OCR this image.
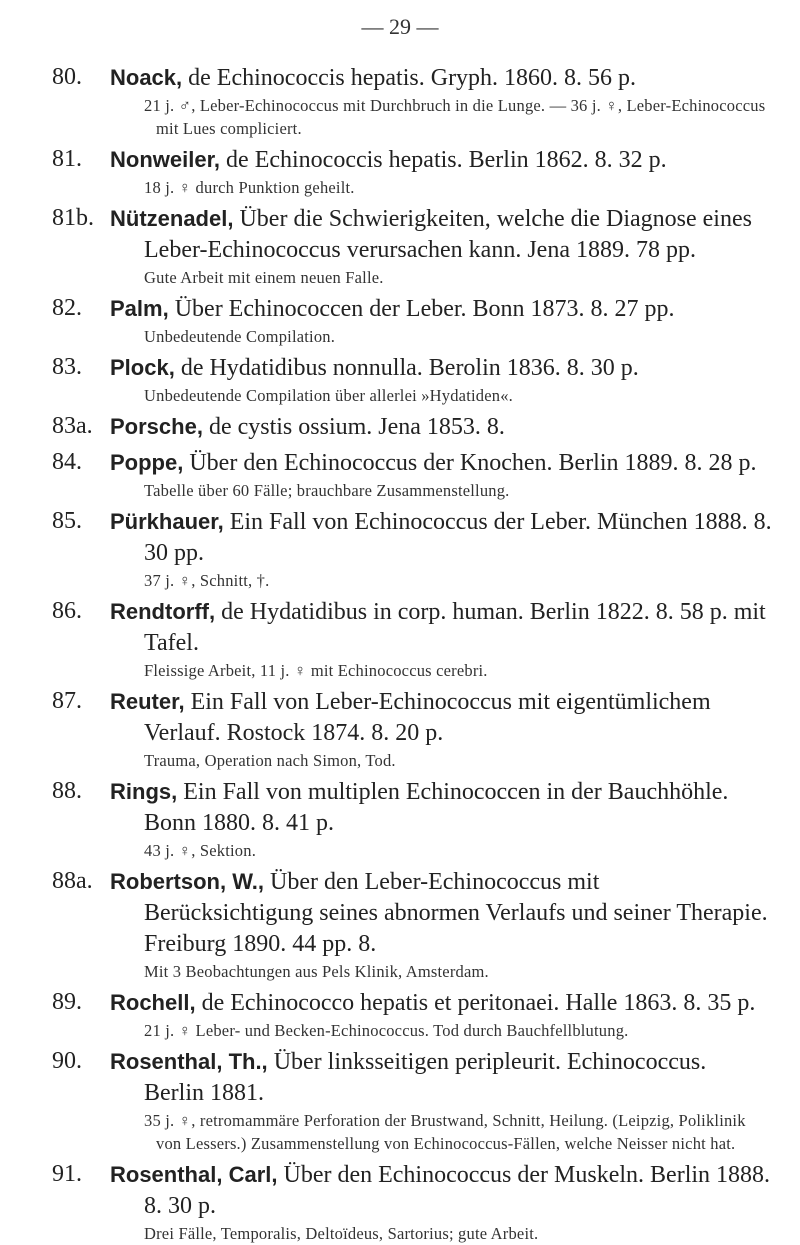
— 29 —
80. Noack, de Echinococcis hepatis. Gryph. 1860. 8. 56 p.
21 j. ♂, Leber-Echinococcus mit Durchbruch in die Lunge. — 36 j. ♀, Leber-Echinococcus mit Lues compliciert.
81. Nonweiler, de Echinococcis hepatis. Berlin 1862. 8. 32 p.
18 j. ♀ durch Punktion geheilt.
81b. Nützenadel, Über die Schwierigkeiten, welche die Diagnose eines Leber-Echinococcus verursachen kann. Jena 1889. 78 pp.
Gute Arbeit mit einem neuen Falle.
82. Palm, Über Echinococcen der Leber. Bonn 1873. 8. 27 pp.
Unbedeutende Compilation.
83. Plock, de Hydatidibus nonnulla. Berolin 1836. 8. 30 p.
Unbedeutende Compilation über allerlei »Hydatiden«.
83a. Porsche, de cystis ossium. Jena 1853. 8.
84. Poppe, Über den Echinococcus der Knochen. Berlin 1889. 8. 28 p.
Tabelle über 60 Fälle; brauchbare Zusammenstellung.
85. Pürkhauer, Ein Fall von Echinococcus der Leber. München 1888. 8. 30 pp.
37 j. ♀, Schnitt, †.
86. Rendtorff, de Hydatidibus in corp. human. Berlin 1822. 8. 58 p. mit Tafel.
Fleissige Arbeit, 11 j. ♀ mit Echinococcus cerebri.
87. Reuter, Ein Fall von Leber-Echinococcus mit eigentümlichem Verlauf. Rostock 1874. 8. 20 p.
Trauma, Operation nach Simon, Tod.
88. Rings, Ein Fall von multiplen Echinococcen in der Bauchhöhle. Bonn 1880. 8. 41 p.
43 j. ♀, Sektion.
88a. Robertson, W., Über den Leber-Echinococcus mit Berücksichtigung seines abnormen Verlaufs und seiner Therapie. Freiburg 1890. 44 pp. 8.
Mit 3 Beobachtungen aus Pels Klinik, Amsterdam.
89. Rochell, de Echinococco hepatis et peritonaei. Halle 1863. 8. 35 p.
21 j. ♀ Leber- und Becken-Echinococcus. Tod durch Bauchfellblutung.
90. Rosenthal, Th., Über linksseitigen peripleurit. Echinococcus. Berlin 1881.
35 j. ♀, retromammäre Perforation der Brustwand, Schnitt, Heilung. (Leipzig, Poliklinik von Lessers.) Zusammenstellung von Echinococcus-Fällen, welche Neisser nicht hat.
91. Rosenthal, Carl, Über den Echinococcus der Muskeln. Berlin 1888. 8. 30 p.
Drei Fälle, Temporalis, Deltoïdeus, Sartorius; gute Arbeit.
